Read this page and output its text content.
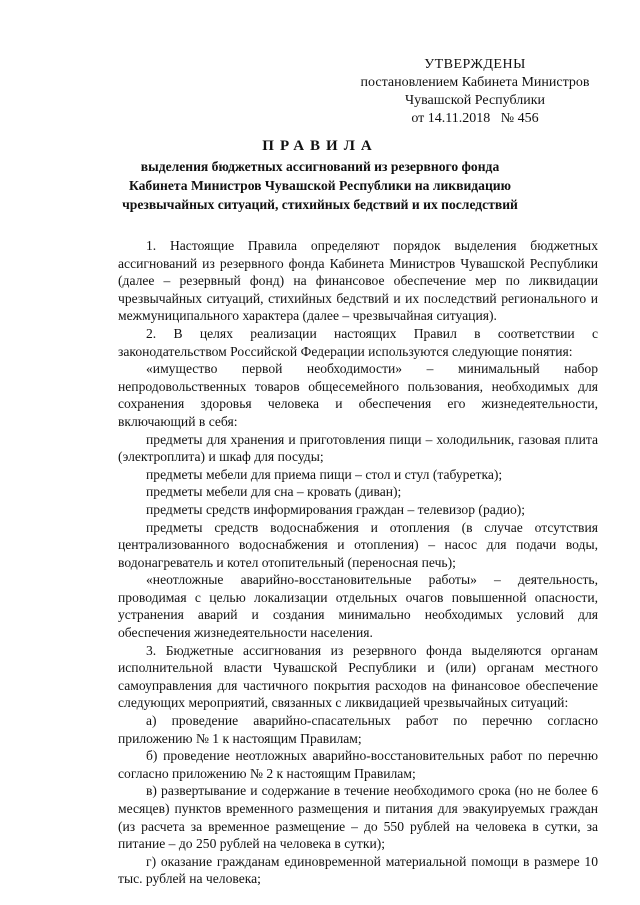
УТВЕРЖДЕНЫ
постановлением Кабинета Министров
Чувашской Республики
от 14.11.2018   № 456
ПРАВИЛА
выделения бюджетных ассигнований из резервного фонда
Кабинета Министров Чувашской Республики на ликвидацию
чрезвычайных ситуаций, стихийных бедствий и их последствий

1. Настоящие Правила определяют порядок выделения бюджетных ассигнований из резервного фонда Кабинета Министров Чувашской Республики (далее – резервный фонд) на финансовое обеспечение мер по ликвидации чрезвычайных ситуаций, стихийных бедствий и их последствий регионального и межмуниципального характера (далее – чрезвычайная ситуация).

2. В целях реализации настоящих Правил в соответствии с законодательством Российской Федерации используются следующие понятия:

«имущество первой необходимости» – минимальный набор непродовольственных товаров общесемейного пользования, необходимых для сохранения здоровья человека и обеспечения его жизнедеятельности, включающий в себя:

предметы для хранения и приготовления пищи – холодильник, газовая плита (электроплита) и шкаф для посуды;

предметы мебели для приема пищи – стол и стул (табуретка);

предметы мебели для сна – кровать (диван);

предметы средств информирования граждан – телевизор (радио);

предметы средств водоснабжения и отопления (в случае отсутствия централизованного водоснабжения и отопления) – насос для подачи воды, водонагреватель и котел отопительный (переносная печь);

«неотложные аварийно-восстановительные работы» – деятельность, проводимая с целью локализации отдельных очагов повышенной опасности, устранения аварий и создания минимально необходимых условий для обеспечения жизнедеятельности населения.

3. Бюджетные ассигнования из резервного фонда выделяются органам исполнительной власти Чувашской Республики и (или) органам местного самоуправления для частичного покрытия расходов на финансовое обеспечение следующих мероприятий, связанных с ликвидацией чрезвычайных ситуаций:

а) проведение аварийно-спасательных работ по перечню согласно приложению № 1 к настоящим Правилам;

б) проведение неотложных аварийно-восстановительных работ по перечню согласно приложению № 2 к настоящим Правилам;

в) развертывание и содержание в течение необходимого срока (но не более 6 месяцев) пунктов временного размещения и питания для эвакуируемых граждан (из расчета за временное размещение – до 550 рублей на человека в сутки, за питание – до 250 рублей на человека в сутки);

г) оказание гражданам единовременной материальной помощи в размере 10 тыс. рублей на человека;
